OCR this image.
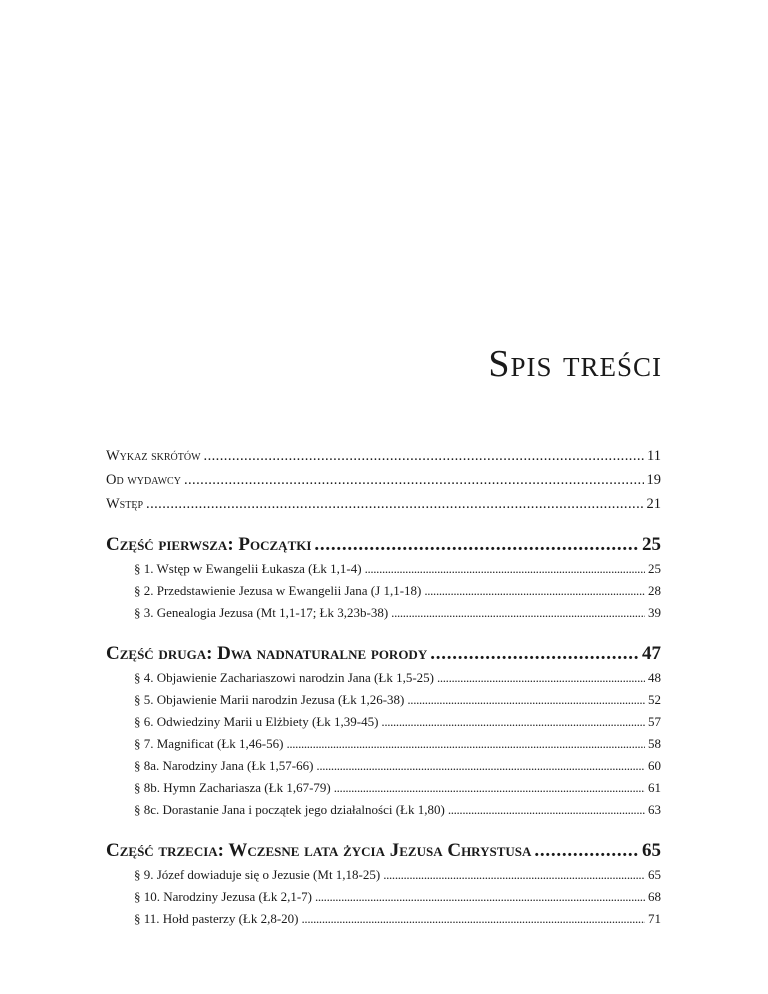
Spis treści
Wykaz skrótów . . .	11
Od wydawcy . . .	19
Wstęp . . .	21
Część pierwsza: Początki . . .	25
§ 1. Wstęp w Ewangelii Łukasza (Łk 1,1-4) . . .	25
§ 2. Przedstawienie Jezusa w Ewangelii Jana (J 1,1-18) . . .	28
§ 3. Genealogia Jezusa (Mt 1,1-17; Łk 3,23b-38) . . .	39
Część druga: Dwa nadnaturalne porody . . .	47
§ 4. Objawienie Zachariaszowi narodzin Jana (Łk 1,5-25) . . .	48
§ 5. Objawienie Marii narodzin Jezusa (Łk 1,26-38) . . .	52
§ 6. Odwiedziny Marii u Elżbiety (Łk 1,39-45) . . .	57
§ 7. Magnificat (Łk 1,46-56) . . .	58
§ 8a. Narodziny Jana (Łk 1,57-66) . . .	60
§ 8b. Hymn Zachariasza (Łk 1,67-79) . . .	61
§ 8c. Dorastanie Jana i początek jego działalności (Łk 1,80) . . .	63
Część trzecia: Wczesne lata życia Jezusa Chrystusa . . .	65
§ 9. Józef dowiaduje się o Jezusie (Mt 1,18-25) . . .	65
§ 10. Narodziny Jezusa (Łk 2,1-7) . . .	68
§ 11. Hołd pasterzy (Łk 2,8-20) . . .	71
